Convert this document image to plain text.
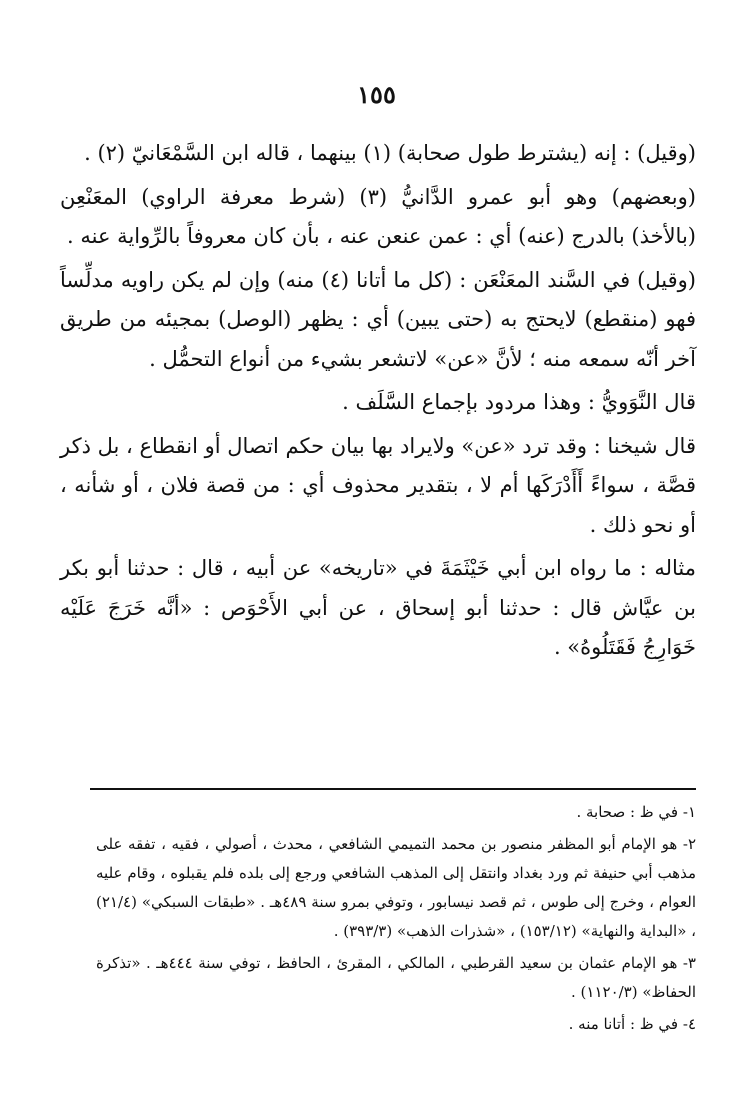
١٥٥

(وقيل) : إنه (يشترط طول صحابة) (١) بينهما ، قاله ابن السَّمْعَانيّ (٢) .

(وبعضهم) وهو أبو عمرو الدَّانيُّ (٣) (شرط معرفة الراوي) المعَنْعِن (بالأخذ) بالدرج (عنه) أي : عمن عنعن عنه ، بأن كان معروفاً بالرِّواية عنه .

(وقيل) في السَّند المعَنْعَن : (كل ما أتانا (٤) منه) وإن لم يكن راويه مدلِّساً فهو (منقطع) لايحتج به (حتى يبين) أي : يظهر (الوصل) بمجيئه من طريق آخر أنّه سمعه منه ؛ لأنَّ «عن» لاتشعر بشيء من أنواع التحمُّل .

قال النَّوَويُّ : وهذا مردود بإجماع السَّلَف .

قال شيخنا : وقد ترد «عن» ولايراد بها بيان حكم اتصال أو انقطاع ، بل ذكر قصَّة ، سواءً أَأَدْرَكَها أم لا ، بتقدير محذوف أي : من قصة فلان ، أو شأنه ، أو نحو ذلك .

مثاله : ما رواه ابن أبي خَيْثَمَةَ في «تاريخه» عن أبيه ، قال : حدثنا أبو بكر بن عيَّاش قال : حدثنا أبو إسحاق ، عن أبي الأَحْوَص : «أنَّه خَرَجَ عَلَيْه خَوَارِجُ فَقَتَلُوهُ» .

١- في ظ : صحابة .

٢- هو الإمام أبو المظفر منصور بن محمد التميمي الشافعي ، محدث ، أصولي ، فقيه ، تفقه على مذهب أبي حنيفة ثم ورد بغداد وانتقل إلى المذهب الشافعي ورجع إلى بلده فلم يقبلوه ، وقام عليه العوام ، وخرج إلى طوس ، ثم قصد نيسابور ، وتوفي بمرو سنة ٤٨٩هـ . «طبقات السبكي» (٢١/٤) ، «البداية والنهاية» (١٥٣/١٢) ، «شذرات الذهب» (٣٩٣/٣) .

٣- هو الإمام عثمان بن سعيد القرطبي ، المالكي ، المقرئ ، الحافظ ، توفي سنة ٤٤٤هـ . «تذكرة الحفاظ» (١١٢٠/٣) .

٤- في ظ : أتانا منه .
